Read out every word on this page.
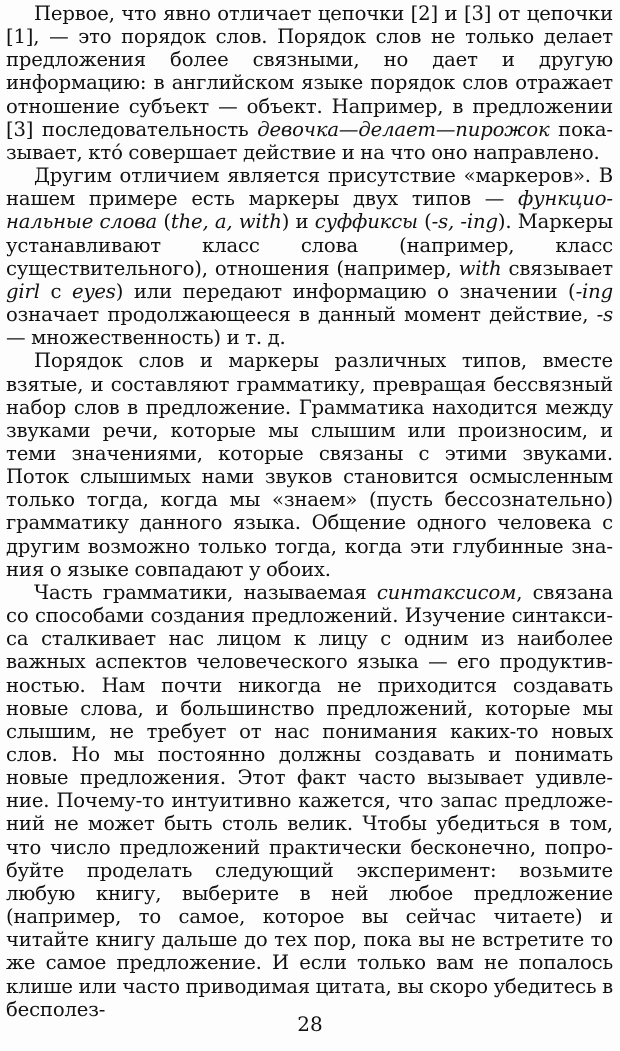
Первое, что явно отличает цепочки [2] и [3] от цепочки [1], — это порядок слов. Порядок слов не только делает предложения более связными, но дает и другую информацию: в английском языке порядок слов отражает отношение субъект — объект. Например, в предложении [3] последовательность девочка—делает—пирожок показывает, кто́ совершает действие и на что оно направлено.

Другим отличием является присутствие «маркеров». В нашем примере есть маркеры двух типов — функциональные слова (the, a, with) и суффиксы (-s, -ing). Маркеры устанавливают класс слова (например, класс существительного), отношения (например, with связывает girl с eyes) или передают информацию о значении (-ing означает продолжающееся в данный момент действие, -s — множественность) и т. д.

Порядок слов и маркеры различных типов, вместе взятые, и составляют грамматику, превращая бессвязный набор слов в предложение. Грамматика находится между звуками речи, которые мы слышим или произносим, и теми значениями, которые связаны с этими звуками. Поток слышимых нами звуков становится осмысленным только тогда, когда мы «знаем» (пусть бессознательно) грамматику данного языка. Общение одного человека с другим возможно только тогда, когда эти глубинные знания о языке совпадают у обоих.

Часть грамматики, называемая синтаксисом, связана со способами создания предложений. Изучение синтаксиса сталкивает нас лицом к лицу с одним из наиболее важных аспектов человеческого языка — его продуктивностью. Нам почти никогда не приходится создавать новые слова, и большинство предложений, которые мы слышим, не требует от нас понимания каких-то новых слов. Но мы постоянно должны создавать и понимать новые предложения. Этот факт часто вызывает удивление. Почему-то интуитивно кажется, что запас предложений не может быть столь велик. Чтобы убедиться в том, что число предложений практически бесконечно, попробуйте проделать следующий эксперимент: возьмите любую книгу, выберите в ней любое предложение (например, то самое, которое вы сейчас читаете) и читайте книгу дальше до тех пор, пока вы не встретите то же самое предложение. И если только вам не попалось клише или часто приводимая цитата, вы скоро убедитесь в бесполез-

28
